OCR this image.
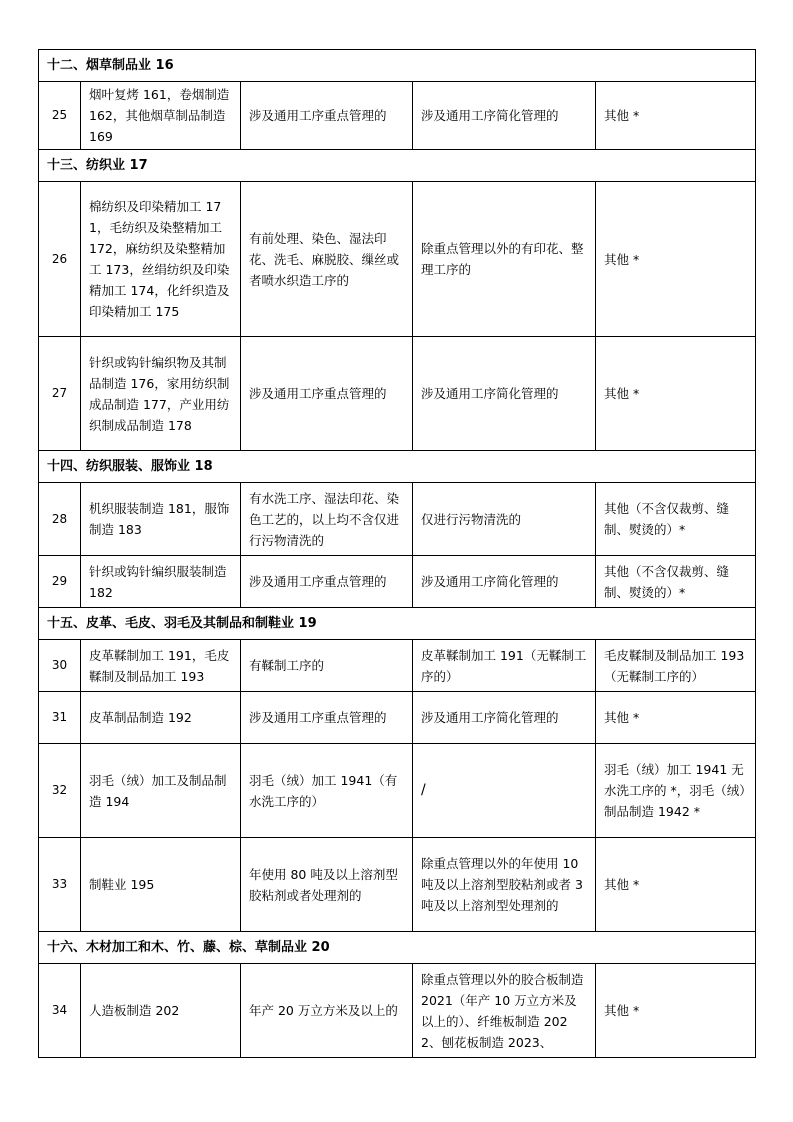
十二、烟草制品业 16				
25	烟叶复烤 161，卷烟制造 162，其他烟草制品制造 169	涉及通用工序重点管理的	涉及通用工序简化管理的	其他 *
十三、纺织业 17				
26	棉纺织及印染精加工 171，毛纺织及染整精加工 172，麻纺织及染整精加工 173，丝绢纺织及印染精加工 174，化纤织造及印染精加工 175	有前处理、染色、湿法印花、洗毛、麻脱胶、缫丝或者喷水织造工序的	除重点管理以外的有印花、整理工序的	其他 *
27	针织或钩针编织物及其制品制造 176，家用纺织制成品制造 177，产业用纺织制成品制造 178	涉及通用工序重点管理的	涉及通用工序简化管理的	其他 *
十四、纺织服装、服饰业 18				
28	机织服装制造 181，服饰制造 183	有水洗工序、湿法印花、染色工艺的，以上均不含仅进行污物清洗的	仅进行污物清洗的	其他（不含仅裁剪、缝制、熨烫的）*
29	针织或钩针编织服装制造 182	涉及通用工序重点管理的	涉及通用工序简化管理的	其他（不含仅裁剪、缝制、熨烫的）*
十五、皮革、毛皮、羽毛及其制品和制鞋业 19				
30	皮革鞣制加工 191，毛皮鞣制及制品加工 193	有鞣制工序的	皮革鞣制加工 191（无鞣制工序的）	毛皮鞣制及制品加工 193（无鞣制工序的）
31	皮革制品制造 192	涉及通用工序重点管理的	涉及通用工序简化管理的	其他 *
32	羽毛（绒）加工及制品制造 194	羽毛（绒）加工 1941（有水洗工序的）	/	羽毛（绒）加工 1941 无水洗工序的 *，羽毛（绒）制品制造 1942 *
33	制鞋业 195	年使用 80 吨及以上溶剂型胶粘剂或者处理剂的	除重点管理以外的年使用 10 吨及以上溶剂型胶粘剂或者 3 吨及以上溶剂型处理剂的	其他 *
十六、木材加工和木、竹、藤、棕、草制品业 20				
34	人造板制造 202	年产 20 万立方米及以上的	除重点管理以外的胶合板制造 2021（年产 10 万立方米及以上的）、纤维板制造 2022、刨花板制造 2023、	其他 *
